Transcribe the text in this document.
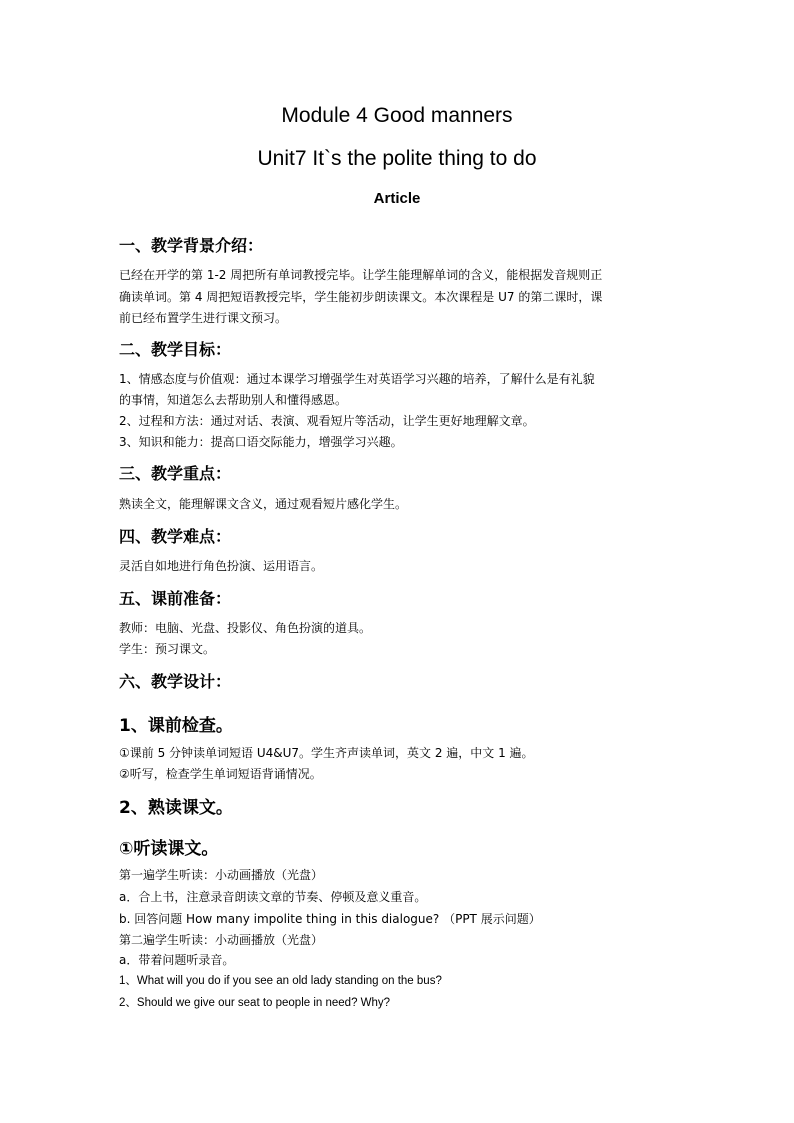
Module 4 Good manners
Unit7 It`s the polite thing to do
Article
一、教学背景介绍：
已经在开学的第 1-2 周把所有单词教授完毕。让学生能理解单词的含义，能根据发音规则正
确读单词。第 4 周把短语教授完毕，学生能初步朗读课文。本次课程是 U7 的第二课时，课
前已经布置学生进行课文预习。
二、教学目标：
1、情感态度与价值观：通过本课学习增强学生对英语学习兴趣的培养，了解什么是有礼貌
的事情，知道怎么去帮助别人和懂得感恩。
2、过程和方法：通过对话、表演、观看短片等活动，让学生更好地理解文章。
3、知识和能力：提高口语交际能力，增强学习兴趣。
三、教学重点：
熟读全文，能理解课文含义，通过观看短片感化学生。
四、教学难点：
灵活自如地进行角色扮演、运用语言。
五、课前准备：
教师：电脑、光盘、投影仪、角色扮演的道具。
学生：预习课文。
六、教学设计：
1、课前检查。
①课前 5 分钟读单词短语 U4&U7。学生齐声读单词，英文 2 遍，中文 1 遍。
②听写，检查学生单词短语背诵情况。
2、熟读课文。
①听读课文。
第一遍学生听读：小动画播放（光盘）
a．合上书，注意录音朗读文章的节奏、停顿及意义重音。
b. 回答问题 How many impolite thing in this dialogue? （PPT 展示问题）
第二遍学生听读：小动画播放（光盘）
a．带着问题听录音。
1、What will you do if you see an old lady standing on the bus?
2、Should we give our seat to people in need? Why?
